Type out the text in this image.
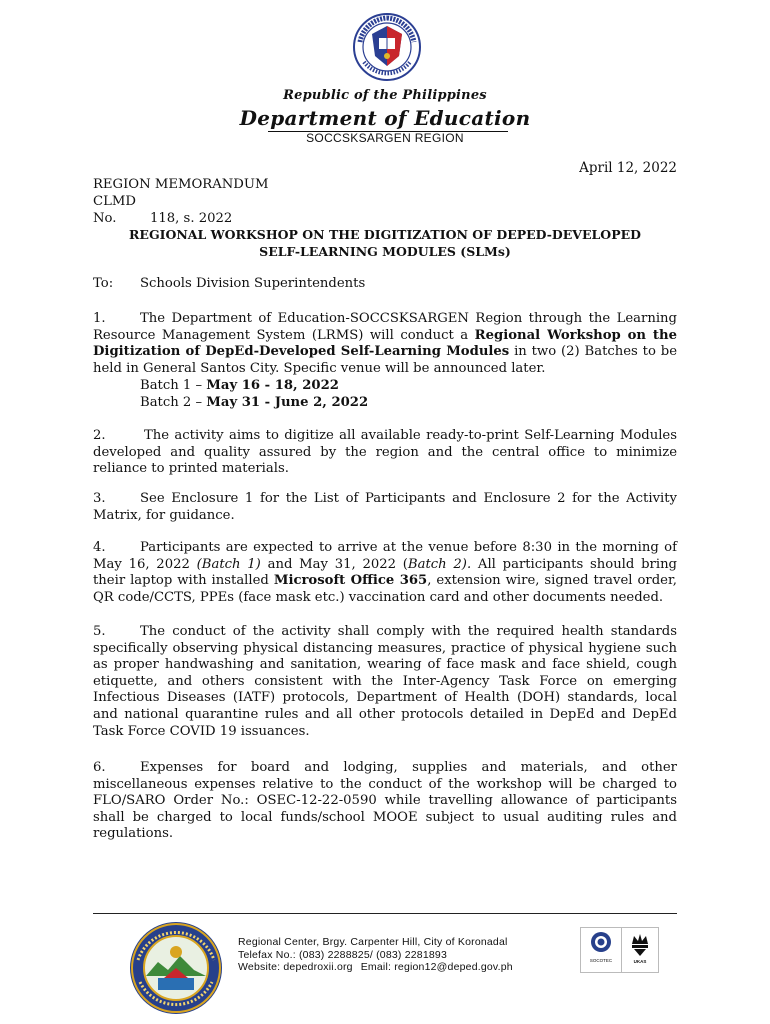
Republic of the Philippines
Department of Education
SOCCSKSARGEN REGION
April 12, 2022
REGION MEMORANDUM
CLMD No.	118, s. 2022
REGIONAL WORKSHOP ON THE DIGITIZATION OF DEPED-DEVELOPED
SELF-LEARNING MODULES (SLMs)
To: Schools Division Superintendents
1.	The Department of Education-SOCCSKSARGEN Region through the Learning Resource Management System (LRMS) will conduct a Regional Workshop on the Digitization of DepEd-Developed Self-Learning Modules in two (2) Batches to be held in General Santos City. Specific venue will be announced later.
Batch 1 – May 16 - 18, 2022
Batch 2 – May 31 - June 2, 2022
2.	The activity aims to digitize all available ready-to-print Self-Learning Modules developed and quality assured by the region and the central office to minimize reliance to printed materials.
3.	See Enclosure 1 for the List of Participants and Enclosure 2 for the Activity Matrix, for guidance.
4.	Participants are expected to arrive at the venue before 8:30 in the morning of May 16, 2022 (Batch 1) and May 31, 2022 (Batch 2). All participants should bring their laptop with installed Microsoft Office 365, extension wire, signed travel order, QR code/CCTS, PPEs (face mask etc.) vaccination card and other documents needed.
5.	The conduct of the activity shall comply with the required health standards specifically observing physical distancing measures, practice of physical hygiene such as proper handwashing and sanitation, wearing of face mask and face shield, cough etiquette, and others consistent with the Inter-Agency Task Force on emerging Infectious Diseases (IATF) protocols, Department of Health (DOH) standards, local and national quarantine rules and all other protocols detailed in DepEd and DepEd Task Force COVID 19 issuances.
6.	Expenses for board and lodging, supplies and materials, and other miscellaneous expenses relative to the conduct of the workshop will be charged to FLO/SARO Order No.: OSEC-12-22-0590 while travelling allowance of participants shall be charged to local funds/school MOOE subject to usual auditing rules and regulations.
Regional Center, Brgy. Carpenter Hill, City of Koronadal
Telefax No.: (083) 2288825/ (083) 2281893
Website: depedroxii.org Email: region12@deped.gov.ph
SOCOTEC	UKAS
